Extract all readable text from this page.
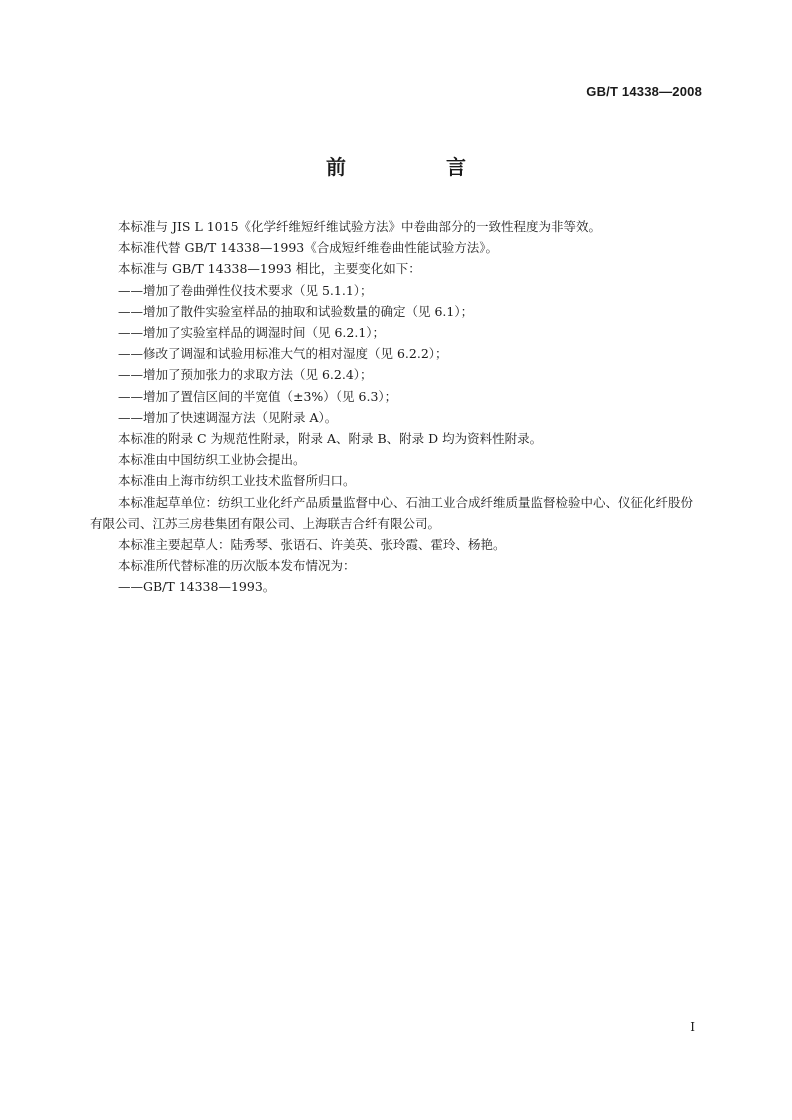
GB/T 14338—2008
前　言

本标准与 JIS L 1015《化学纤维短纤维试验方法》中卷曲部分的一致性程度为非等效。

本标准代替 GB/T 14338—1993《合成短纤维卷曲性能试验方法》。

本标准与 GB/T 14338—1993 相比，主要变化如下：

——增加了卷曲弹性仪技术要求（见 5.1.1）；

——增加了散件实验室样品的抽取和试验数量的确定（见 6.1）；

——增加了实验室样品的调湿时间（见 6.2.1）；

——修改了调湿和试验用标准大气的相对湿度（见 6.2.2）；

——增加了预加张力的求取方法（见 6.2.4）；

——增加了置信区间的半宽值（±3%）（见 6.3）；

——增加了快速调湿方法（见附录 A）。

本标准的附录 C 为规范性附录，附录 A、附录 B、附录 D 均为资料性附录。

本标准由中国纺织工业协会提出。

本标准由上海市纺织工业技术监督所归口。

本标准起草单位：纺织工业化纤产品质量监督中心、石油工业合成纤维质量监督检验中心、仪征化纤股份有限公司、江苏三房巷集团有限公司、上海联吉合纤有限公司。

本标准主要起草人：陆秀琴、张语石、许美英、张玲霞、霍玲、杨艳。

本标准所代替标准的历次版本发布情况为：

——GB/T 14338—1993。

I
